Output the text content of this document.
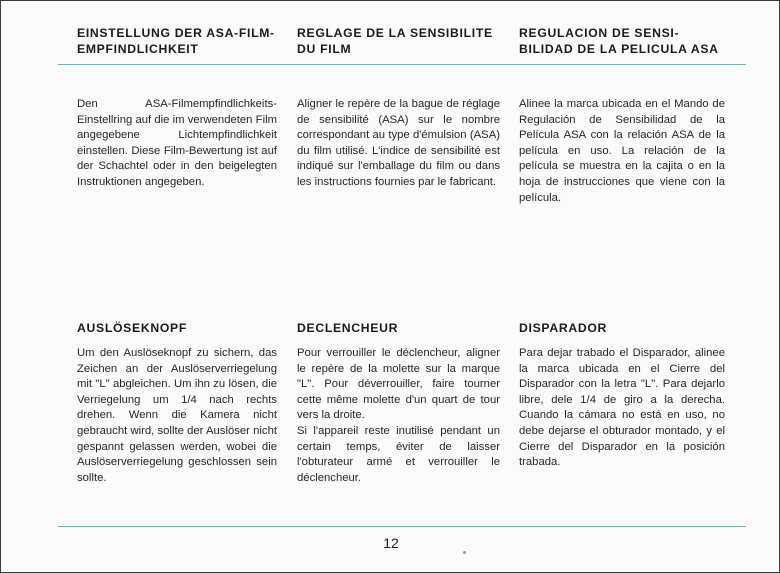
EINSTELLUNG DER ASA-FILM-
EMPFINDLICHKEIT
REGLAGE DE LA SENSIBILITE
DU FILM
REGULACION DE SENSI-
BILIDAD DE LA PELICULA ASA
Den ASA-Filmempfindlichkeits-Einstellring auf die im verwendeten Film angegebene Lichtempfindlichkeit einstellen. Diese Film-Bewertung ist auf der Schachtel oder in den beigelegten Instruktionen angegeben.
Aligner le repère de la bague de réglage de sensibilité (ASA) sur le nombre correspondant au type d'émulsion (ASA) du film utilisé. L'indice de sensibilité est indiqué sur l'emballage du film ou dans les instructions fournies par le fabricant.
Alinee la marca ubicada en el Mando de Regulación de Sensibilidad de la Película ASA con la relación ASA de la película en uso. La relación de la película se muestra en la cajita o en la hoja de instrucciones que viene con la película.
AUSLÖSEKNOPF	DECLENCHEUR	DISPARADOR
Um den Auslöseknopf zu sichern, das Zeichen an der Auslöserverriegelung mit "L" abgleichen. Um ihn zu lösen, die Verriegelung um 1/4 nach rechts drehen. Wenn die Kamera nicht gebraucht wird, sollte der Auslöser nicht gespannt gelassen werden, wobei die Auslöserverriegelung geschlossen sein sollte.
Pour verrouiller le déclencheur, aligner le repère de la molette sur la marque "L". Pour déverrouiller, faire tourner cette même molette d'un quart de tour vers la droite.
Si l'appareil reste inutilisé pendant un certain temps, éviter de laisser l'obturateur armé et verrouiller le déclencheur.
Para dejar trabado el Disparador, alinee la marca ubicada en el Cierre del Disparador con la letra "L". Para dejarlo libre, dele 1/4 de giro a la derecha. Cuando la cámara no está en uso, no debe dejarse el obturador montado, y el Cierre del Disparador en la posición trabada.
12
